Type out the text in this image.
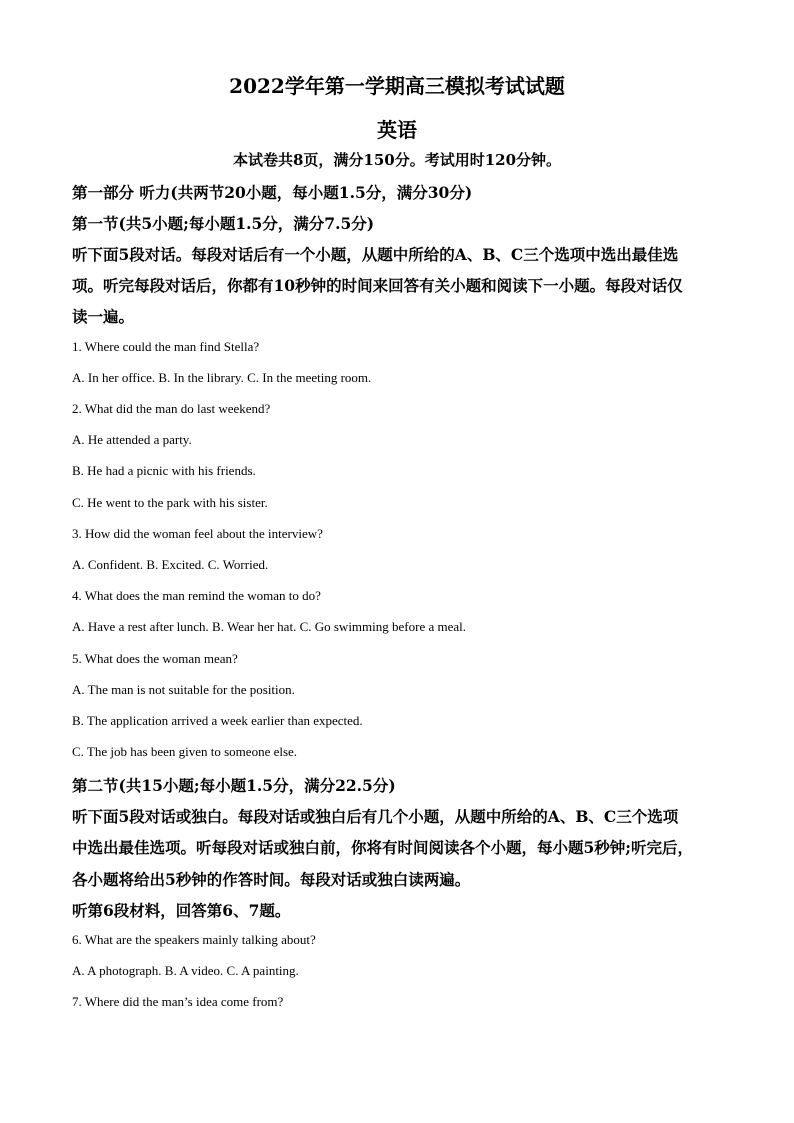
2022学年第一学期高三模拟考试试题
英语
本试卷共8页，满分150分。考试用时120分钟。
第一部分 听力(共两节20小题，每小题1.5分，满分30分)
第一节(共5小题;每小题1.5分，满分7.5分)
听下面5段对话。每段对话后有一个小题，从题中所给的A、B、C三个选项中选出最佳选
项。听完每段对话后，你都有10秒钟的时间来回答有关小题和阅读下一小题。每段对话仅
读一遍。
1. Where could the man find Stella?
A. In her office. B. In the library. C. In the meeting room.
2. What did the man do last weekend?
A. He attended a party.
B. He had a picnic with his friends.
C. He went to the park with his sister.
3. How did the woman feel about the interview?
A. Confident. B. Excited. C. Worried.
4. What does the man remind the woman to do?
A. Have a rest after lunch. B. Wear her hat. C. Go swimming before a meal.
5. What does the woman mean?
A. The man is not suitable for the position.
B. The application arrived a week earlier than expected.
C. The job has been given to someone else.
第二节(共15小题;每小题1.5分，满分22.5分)
听下面5段对话或独白。每段对话或独白后有几个小题，从题中所给的A、B、C三个选项
中选出最佳选项。听每段对话或独白前，你将有时间阅读各个小题，每小题5秒钟;听完后，
各小题将给出5秒钟的作答时间。每段对话或独白读两遍。
听第6段材料，回答第6、7题。
6. What are the speakers mainly talking about?
A. A photograph. B. A video. C. A painting.
7. Where did the man’s idea come from?
